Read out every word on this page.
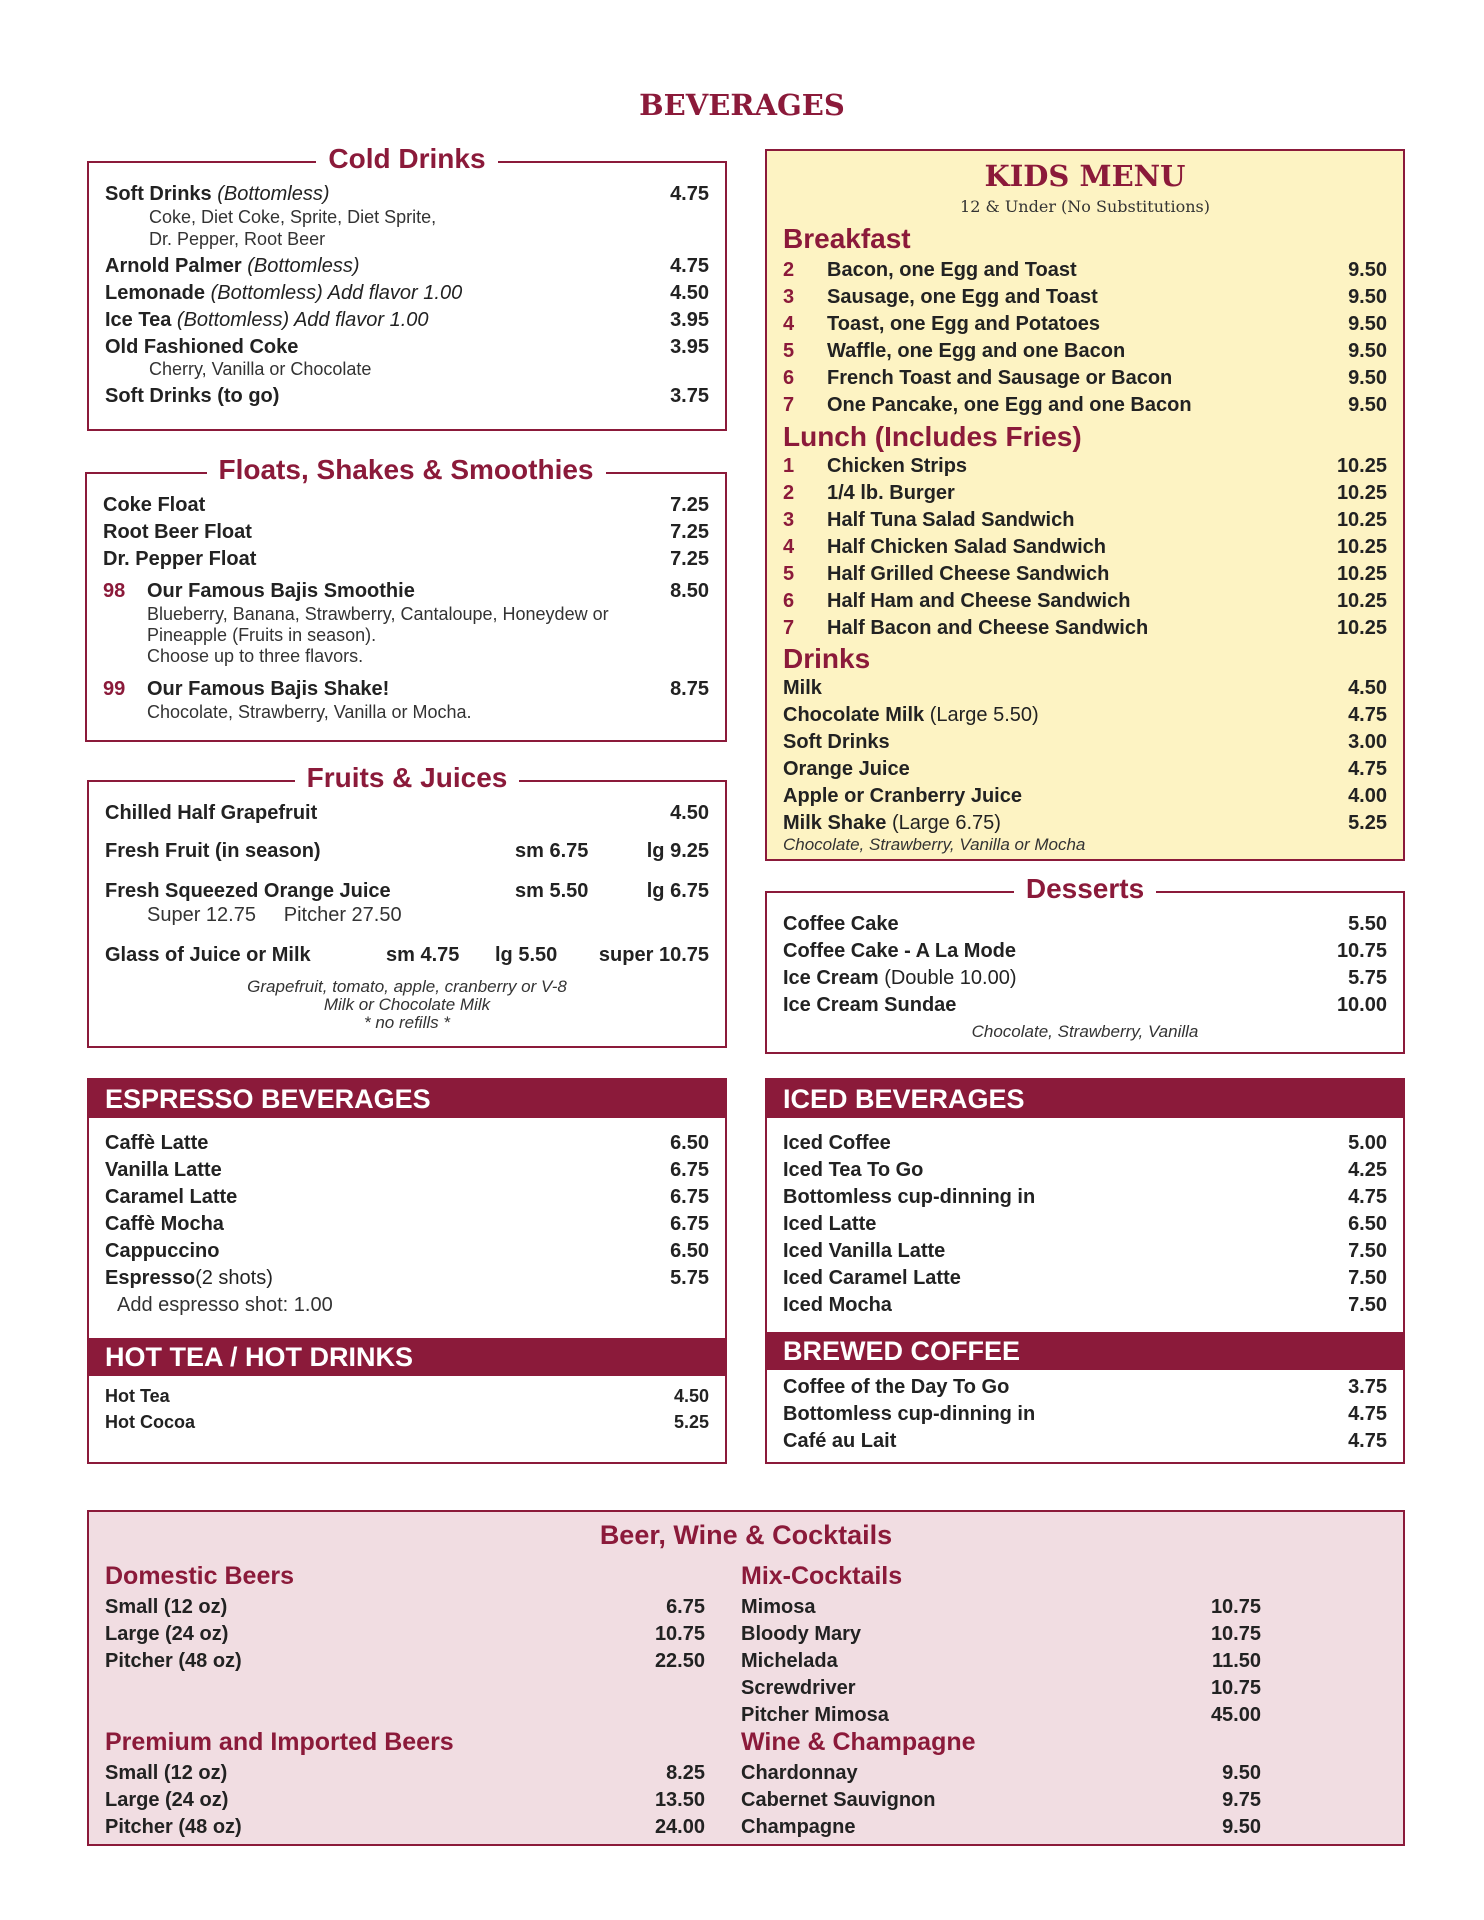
BEVERAGES
Cold Drinks
Soft Drinks (Bottomless)	4.75
Coke, Diet Coke, Sprite, Diet Sprite,
Dr. Pepper, Root Beer
Arnold Palmer (Bottomless)	4.75
Lemonade (Bottomless) Add flavor 1.00	4.50
Ice Tea (Bottomless) Add flavor 1.00	3.95
Old Fashioned Coke	3.95
Cherry, Vanilla or Chocolate
Soft Drinks (to go)	3.75
Floats, Shakes & Smoothies
Coke Float	7.25
Root Beer Float	7.25
Dr. Pepper Float	7.25
98 Our Famous Bajis Smoothie	8.50
Blueberry, Banana, Strawberry, Cantaloupe, Honeydew or
Pineapple (Fruits in season).
Choose up to three flavors.
99 Our Famous Bajis Shake!	8.75
Chocolate, Strawberry, Vanilla or Mocha.
Fruits & Juices
Chilled Half Grapefruit	4.50
Fresh Fruit (in season)	sm 6.75	lg 9.25
Fresh Squeezed Orange Juice	sm 5.50	lg 6.75
Super 12.75     Pitcher 27.50
Glass of Juice or Milk	sm 4.75 lg 5.50 super 10.75
Grapefruit, tomato, apple, cranberry or V-8
Milk or Chocolate Milk
* no refills *
KIDS MENU
12 & Under (No Substitutions)
Breakfast
2 Bacon, one Egg and Toast	9.50
3 Sausage, one Egg and Toast	9.50
4 Toast, one Egg and Potatoes	9.50
5 Waffle, one Egg and one Bacon	9.50
6 French Toast and Sausage or Bacon	9.50
7 One Pancake, one Egg and one Bacon	9.50
Lunch (Includes Fries)
1 Chicken Strips	10.25
2 1/4 lb. Burger	10.25
3 Half Tuna Salad Sandwich	10.25
4 Half Chicken Salad Sandwich	10.25
5 Half Grilled Cheese Sandwich	10.25
6 Half Ham and Cheese Sandwich	10.25
7 Half Bacon and Cheese Sandwich	10.25
Drinks
Milk	4.50
Chocolate Milk (Large 5.50)	4.75
Soft Drinks	3.00
Orange Juice	4.75
Apple or Cranberry Juice	4.00
Milk Shake (Large 6.75)	5.25
Chocolate, Strawberry, Vanilla or Mocha
Desserts
Coffee Cake	5.50
Coffee Cake - A La Mode	10.75
Ice Cream (Double 10.00)	5.75
Ice Cream Sundae	10.00
Chocolate, Strawberry, Vanilla
ESPRESSO BEVERAGES
Caffè Latte	6.50
Vanilla Latte	6.75
Caramel Latte	6.75
Caffè Mocha	6.75
Cappuccino	6.50
Espresso(2 shots)	5.75
Add espresso shot: 1.00
HOT TEA / HOT DRINKS
Hot Tea	4.50
Hot Cocoa	5.25
ICED BEVERAGES
Iced Coffee	5.00
Iced Tea To Go	4.25
Bottomless cup-dinning in	4.75
Iced Latte	6.50
Iced Vanilla Latte	7.50
Iced Caramel Latte	7.50
Iced Mocha	7.50
BREWED COFFEE
Coffee of the Day To Go	3.75
Bottomless cup-dinning in	4.75
Café au Lait	4.75
Beer, Wine & Cocktails
Domestic Beers
Small (12 oz)	6.75
Large (24 oz)	10.75
Pitcher (48 oz)	22.50
Premium and Imported Beers
Small (12 oz)	8.25
Large (24 oz)	13.50
Pitcher (48 oz)	24.00
Mix-Cocktails
Mimosa	10.75
Bloody Mary	10.75
Michelada	11.50
Screwdriver	10.75
Pitcher Mimosa	45.00
Wine & Champagne
Chardonnay	9.50
Cabernet Sauvignon	9.75
Champagne	9.50
